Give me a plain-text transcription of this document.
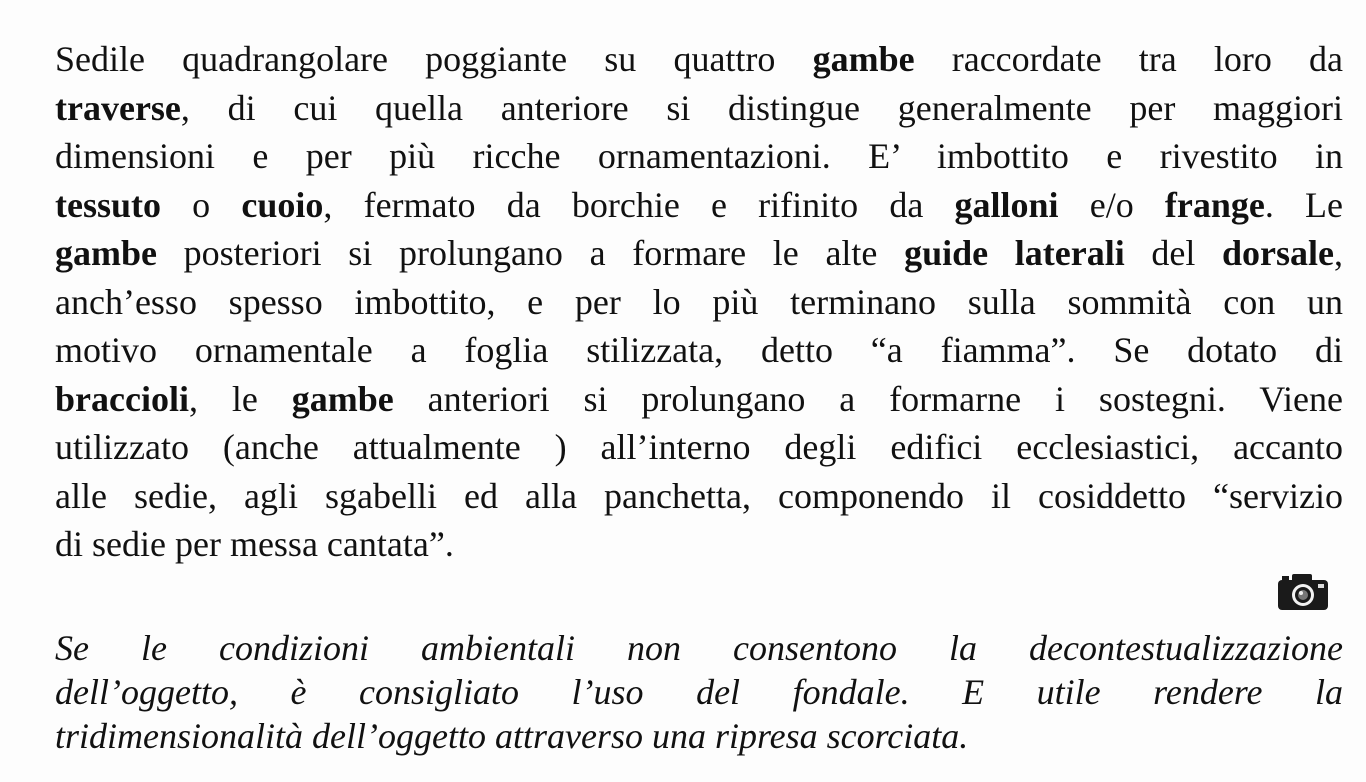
Sedile quadrangolare poggiante su quattro gambe raccordate tra loro da
traverse, di cui quella anteriore si distingue generalmente per maggiori
dimensioni e per più ricche ornamentazioni. E’ imbottito e rivestito in
tessuto o cuoio, fermato da borchie e rifinito da galloni e/o frange. Le
gambe posteriori si prolungano a formare le alte guide laterali del dorsale,
anch’esso spesso imbottito, e per lo più terminano sulla sommità con un
motivo ornamentale a foglia stilizzata, detto “a fiamma”. Se dotato di
braccioli, le gambe anteriori si prolungano a formarne i sostegni. Viene
utilizzato (anche attualmente ) all’interno degli edifici ecclesiastici, accanto
alle sedie, agli sgabelli ed alla panchetta, componendo il cosiddetto “servizio
di sedie per messa cantata”.
Se le condizioni ambientali non consentono la decontestualizzazione
dell’oggetto, è consigliato l’uso del fondale. E utile rendere la
tridimensionalità dell’oggetto attraverso una ripresa scorciata.
